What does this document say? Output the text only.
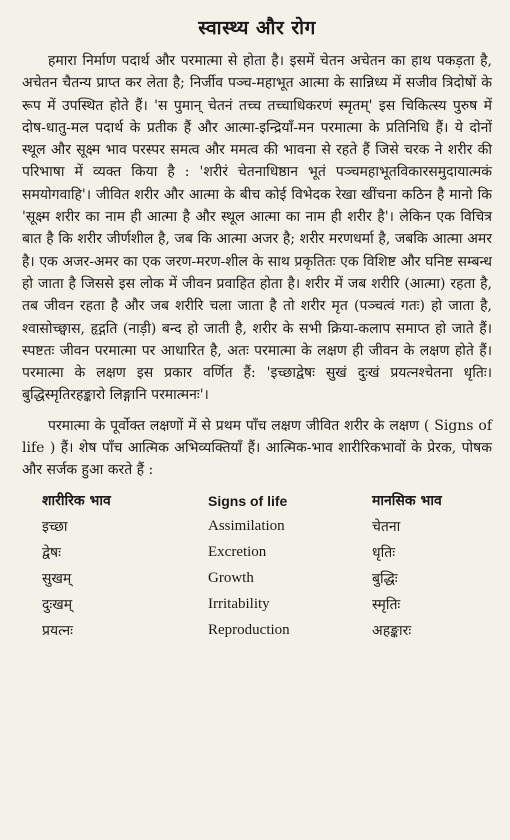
स्वास्थ्य और रोग

हमारा निर्माण पदार्थ और परमात्मा से होता है। इसमें चेतन अचेतन का हाथ पकड़ता है, अचेतन चैतन्य प्राप्त कर लेता है; निर्जीव पञ्च-महाभूत आत्मा के सान्निध्य में सजीव त्रिदोषों के रूप में उपस्थित होते हैं। 'स पुमान् चेतनं तच्च तच्चाधिकरणं स्मृतम्' इस चिकित्स्य पुरुष में दोष-धातु-मल पदार्थ के प्रतीक हैं और आत्मा-इन्द्रियाँ-मन परमात्मा के प्रतिनिधि हैं। ये दोनों स्थूल और सूक्ष्म भाव परस्पर समत्व और ममत्व की भावना से रहते हैं जिसे चरक ने शरीर की परिभाषा में व्यक्त किया है : 'शरीरं चेतनाधिष्ठान भूतं पञ्चमहाभूतविकारसमुदायात्मकं समयोगवाहि'। जीवित शरीर और आत्मा के बीच कोई विभेदक रेखा खींचना कठिन है मानो कि 'सूक्ष्म शरीर का नाम ही आत्मा है और स्थूल आत्मा का नाम ही शरीर है'। लेकिन एक विचित्र बात है कि शरीर जीर्णशील है, जब कि आत्मा अजर है; शरीर मरणधर्मा है, जबकि आत्मा अमर है। एक अजर-अमर का एक जरण-मरण-शील के साथ प्रकृतितः एक विशिष्ट और घनिष्ट सम्बन्ध हो जाता है जिससे इस लोक में जीवन प्रवाहित होता है। शरीर में जब शरीरि (आत्मा) रहता है, तब जीवन रहता है और जब शरीरि चला जाता है तो शरीर मृत (पञ्चत्वं गतः) हो जाता है, श्वासोच्छ्वास, हृद्गति (नाड़ी) बन्द हो जाती है, शरीर के सभी क्रिया-कलाप समाप्त हो जाते हैं। स्पष्टतः जीवन परमात्मा पर आधारित है, अतः परमात्मा के लक्षण ही जीवन के लक्षण होते हैं। परमात्मा के लक्षण इस प्रकार वर्णित हैं: 'इच्छाद्वेषः सुखं दुःखं प्रयत्नश्चेतना धृतिः। बुद्धिस्मृतिरहङ्कारो लिङ्गानि परमात्मनः'।

परमात्मा के पूर्वोक्त लक्षणों में से प्रथम पाँच लक्षण जीवित शरीर के लक्षण ( Signs of life ) हैं। शेष पाँच आत्मिक अभिव्यक्तियाँ हैं। आत्मिक-भाव शारीरिकभावों के प्रेरक, पोषक और सर्जक हुआ करते हैं :

शारीरिक भाव	Signs of life	मानसिक भाव
इच्छा	Assimilation	चेतना
द्वेषः	Excretion	धृतिः
सुखम्	Growth	बुद्धिः
दुःखम्	Irritability	स्मृतिः
प्रयत्नः	Reproduction	अहङ्कारः
